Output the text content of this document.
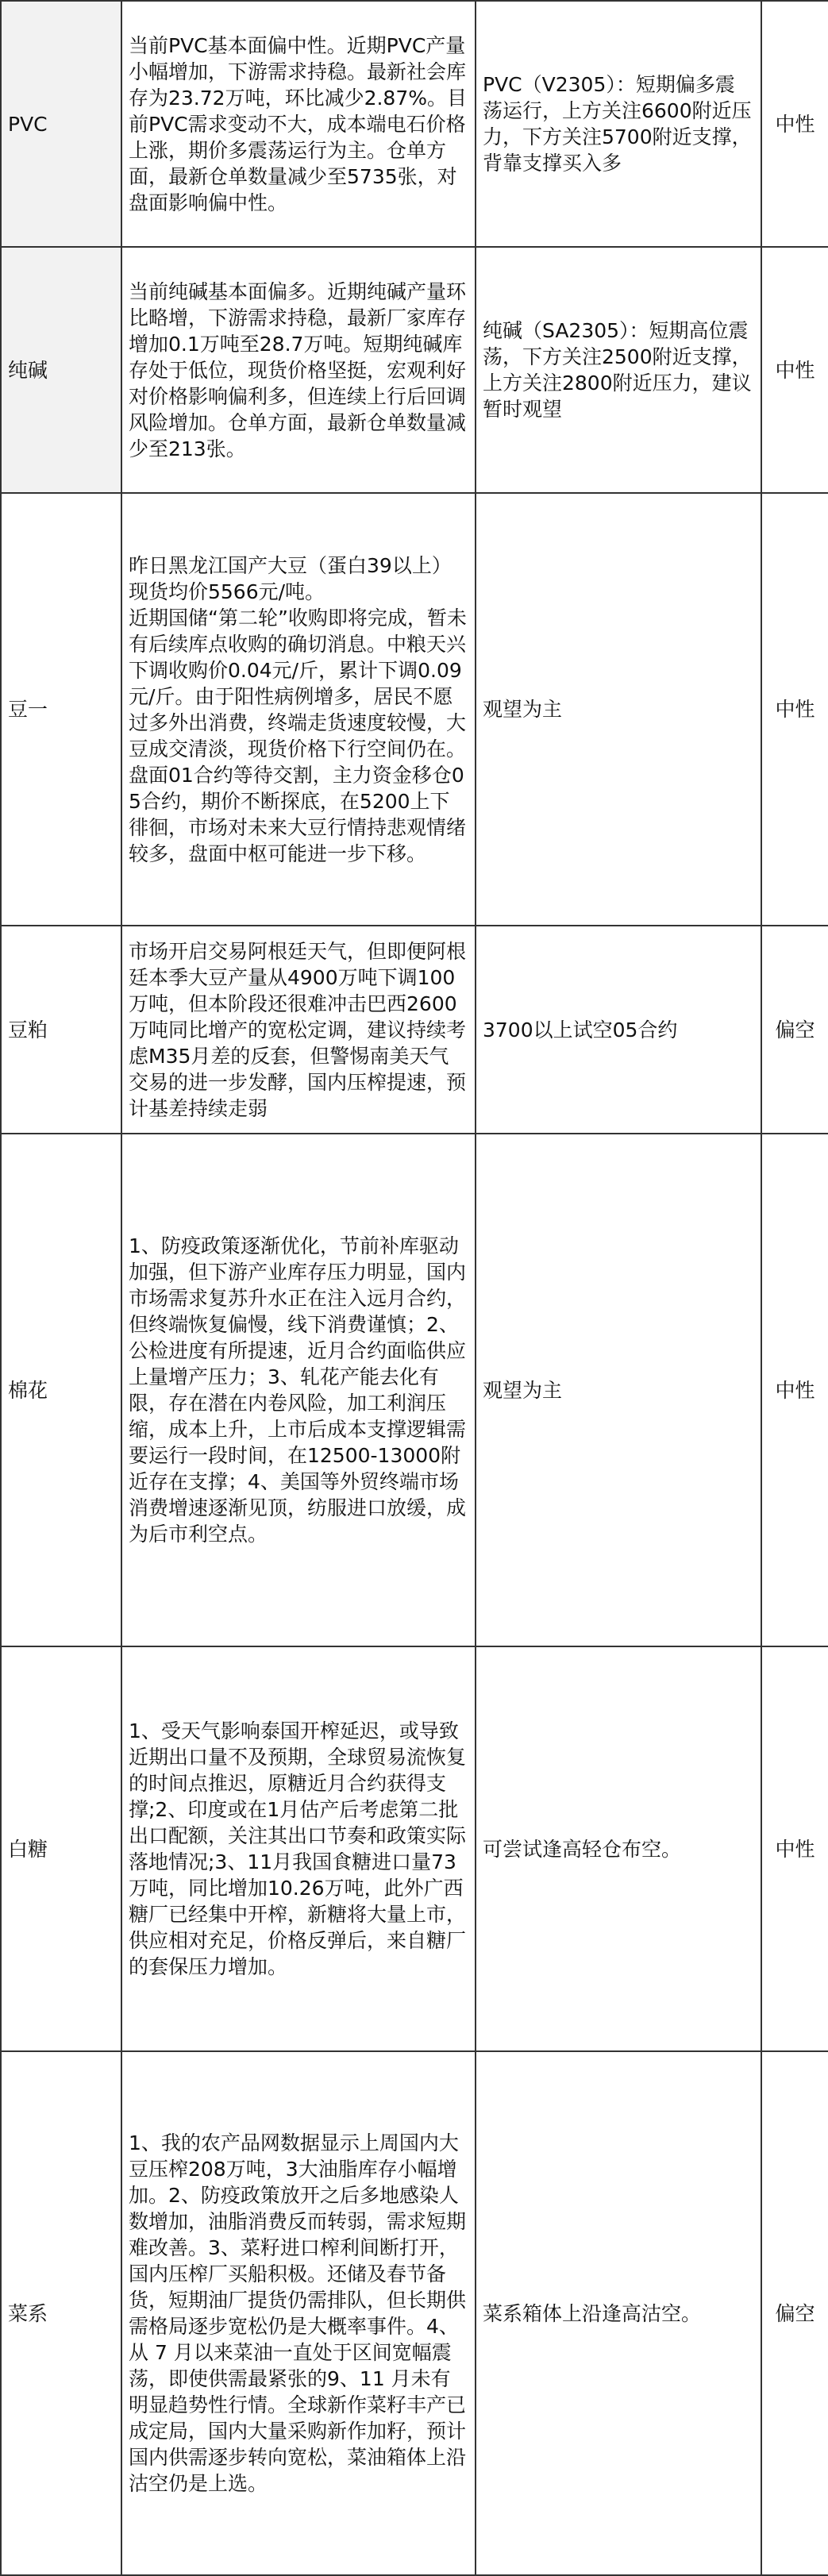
PVC	当前PVC基本面偏中性。近期PVC产量小幅增加，下游需求持稳。最新社会库存为23.72万吨，环比减少2.87%。目前PVC需求变动不大，成本端电石价格上涨，期价多震荡运行为主。仓单方面，最新仓单数量减少至5735张，对盘面影响偏中性。	PVC（V2305）：短期偏多震荡运行，上方关注6600附近压力，下方关注5700附近支撑，背靠支撑买入多	中性
纯碱	当前纯碱基本面偏多。近期纯碱产量环比略增，下游需求持稳，最新厂家库存增加0.1万吨至28.7万吨。短期纯碱库存处于低位，现货价格坚挺，宏观利好对价格影响偏利多，但连续上行后回调风险增加。仓单方面，最新仓单数量减少至213张。	纯碱（SA2305）：短期高位震荡，下方关注2500附近支撑，上方关注2800附近压力，建议暂时观望	中性
豆一	昨日黑龙江国产大豆（蛋白39以上）现货均价5566元/吨。
近期国储“第二轮”收购即将完成，暂未有后续库点收购的确切消息。中粮天兴下调收购价0.04元/斤，累计下调0.09元/斤。由于阳性病例增多，居民不愿过多外出消费，终端走货速度较慢，大豆成交清淡，现货价格下行空间仍在。盘面01合约等待交割，主力资金移仓05合约，期价不断探底，在5200上下徘徊，市场对未来大豆行情持悲观情绪较多，盘面中枢可能进一步下移。	观望为主	中性
豆粕	市场开启交易阿根廷天气，但即便阿根廷本季大豆产量从4900万吨下调100万吨，但本阶段还很难冲击巴西2600万吨同比增产的宽松定调，建议持续考虑M35月差的反套，但警惕南美天气交易的进一步发酵，国内压榨提速，预计基差持续走弱	3700以上试空05合约	偏空
棉花	1、防疫政策逐渐优化，节前补库驱动加强，但下游产业库存压力明显，国内市场需求复苏升水正在注入远月合约，但终端恢复偏慢，线下消费谨慎；2、公检进度有所提速，近月合约面临供应上量增产压力；3、轧花产能去化有限，存在潜在内卷风险，加工利润压缩，成本上升，上市后成本支撑逻辑需要运行一段时间，在12500-13000附近存在支撑；4、美国等外贸终端市场消费增速逐渐见顶，纺服进口放缓，成为后市利空点。	观望为主	中性
白糖	1、受天气影响泰国开榨延迟，或导致近期出口量不及预期，全球贸易流恢复的时间点推迟，原糖近月合约获得支撑;2、印度或在1月估产后考虑第二批出口配额，关注其出口节奏和政策实际落地情况;3、11月我国食糖进口量73万吨，同比增加10.26万吨，此外广西糖厂已经集中开榨，新糖将大量上市，供应相对充足，价格反弹后，来自糖厂的套保压力增加。	可尝试逢高轻仓布空。	中性
菜系	1、我的农产品网数据显示上周国内大豆压榨208万吨，3大油脂库存小幅增加。2、防疫政策放开之后多地感染人数增加，油脂消费反而转弱，需求短期难改善。3、菜籽进口榨利间断打开，国内压榨厂买船积极。还储及春节备货，短期油厂提货仍需排队，但长期供需格局逐步宽松仍是大概率事件。4、从 7 月以来菜油一直处于区间宽幅震荡，即使供需最紧张的9、11 月未有明显趋势性行情。全球新作菜籽丰产已成定局，国内大量采购新作加籽，预计国内供需逐步转向宽松，菜油箱体上沿沽空仍是上选。	菜系箱体上沿逢高沽空。	偏空
